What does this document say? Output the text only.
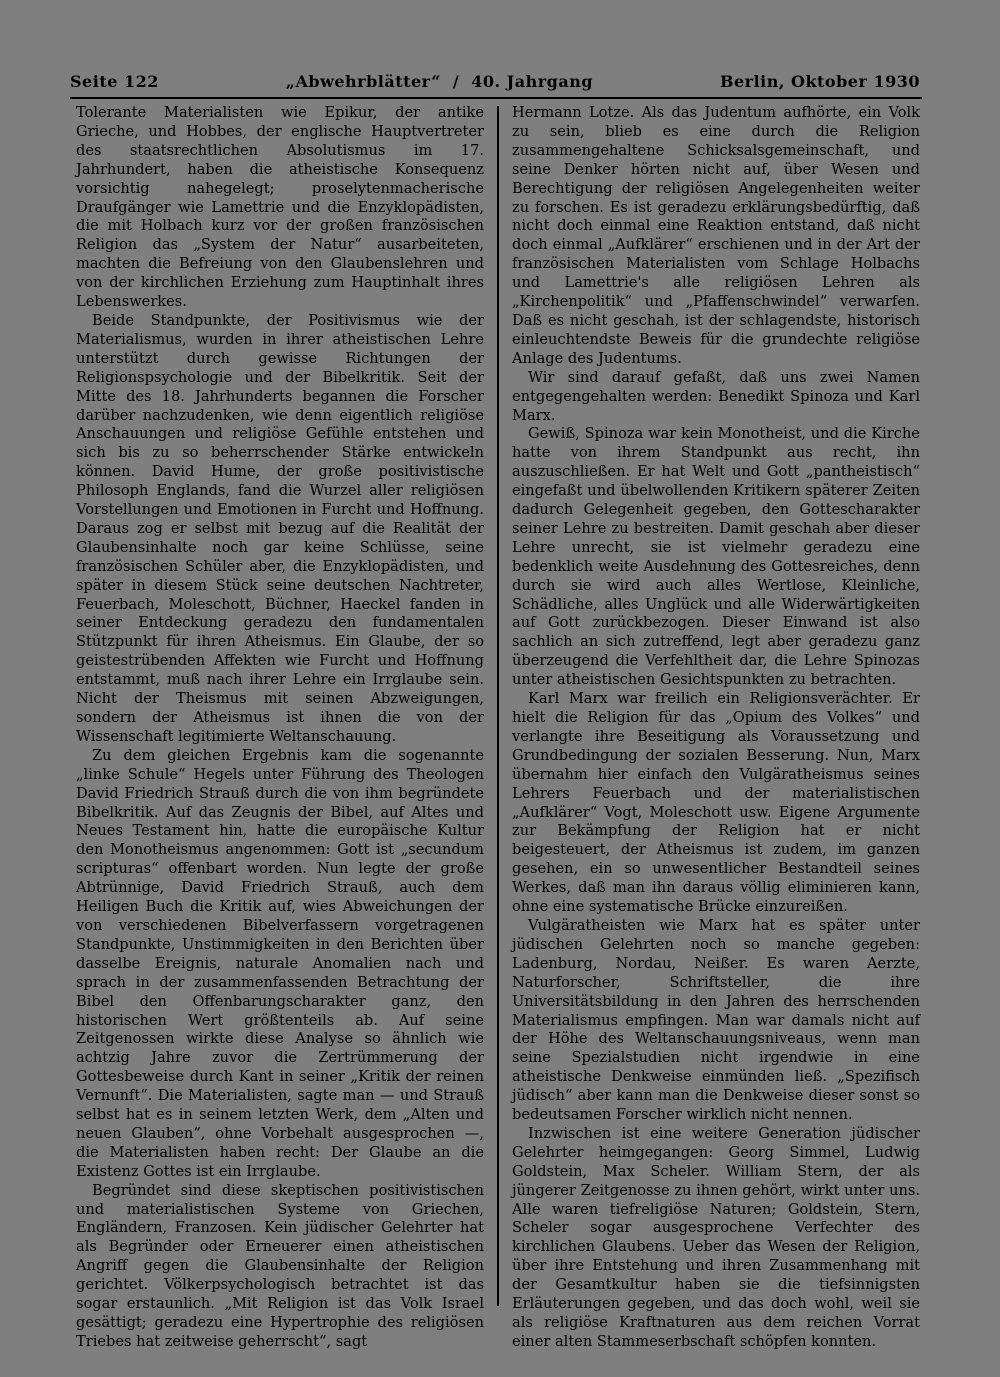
Seite 122	„Abwehrblätter“ / 40. Jahrgang	Berlin, Oktober 1930

Tolerante Materialisten wie Epikur, der antike Grieche, und Hobbes, der englische Hauptvertreter des staatsrechtlichen Absolutismus im 17. Jahrhundert, haben die atheistische Konsequenz vorsichtig nahegelegt; proselytenmacherische Draufgänger wie Lamettrie und die Enzyklopädisten, die mit Holbach kurz vor der großen französischen Religion das „System der Natur“ ausarbeiteten, machten die Befreiung von den Glaubenslehren und von der kirchlichen Erziehung zum Hauptinhalt ihres Lebenswerkes.

Beide Standpunkte, der Positivismus wie der Materialismus, wurden in ihrer atheistischen Lehre unterstützt durch gewisse Richtungen der Religionspsychologie und der Bibelkritik. Seit der Mitte des 18. Jahrhunderts begannen die Forscher darüber nachzudenken, wie denn eigentlich religiöse Anschauungen und religiöse Gefühle entstehen und sich bis zu so beherrschender Stärke entwickeln können. David Hume, der große positivistische Philosoph Englands, fand die Wurzel aller religiösen Vorstellungen und Emotionen in Furcht und Hoffnung. Daraus zog er selbst mit bezug auf die Realität der Glaubensinhalte noch gar keine Schlüsse, seine französischen Schüler aber, die Enzyklopädisten, und später in diesem Stück seine deutschen Nachtreter, Feuerbach, Moleschott, Büchner, Haeckel fanden in seiner Entdeckung geradezu den fundamentalen Stützpunkt für ihren Atheismus. Ein Glaube, der so geistestrübenden Affekten wie Furcht und Hoffnung entstammt, muß nach ihrer Lehre ein Irrglaube sein. Nicht der Theismus mit seinen Abzweigungen, sondern der Atheismus ist ihnen die von der Wissenschaft legitimierte Weltanschauung.

Zu dem gleichen Ergebnis kam die sogenannte „linke Schule“ Hegels unter Führung des Theologen David Friedrich Strauß durch die von ihm begründete Bibelkritik. Auf das Zeugnis der Bibel, auf Altes und Neues Testament hin, hatte die europäische Kultur den Monotheismus angenommen: Gott ist „secundum scripturas“ offenbart worden. Nun legte der große Abtrünnige, David Friedrich Strauß, auch dem Heiligen Buch die Kritik auf, wies Abweichungen der von verschiedenen Bibelverfassern vorgetragenen Standpunkte, Unstimmigkeiten in den Berichten über dasselbe Ereignis, naturale Anomalien nach und sprach in der zusammenfassenden Betrachtung der Bibel den Offenbarungscharakter ganz, den historischen Wert größtenteils ab. Auf seine Zeitgenossen wirkte diese Analyse so ähnlich wie achtzig Jahre zuvor die Zertrümmerung der Gottesbeweise durch Kant in seiner „Kritik der reinen Vernunft“. Die Materialisten, sagte man — und Strauß selbst hat es in seinem letzten Werk, dem „Alten und neuen Glauben“, ohne Vorbehalt ausgesprochen —, die Materialisten haben recht: Der Glaube an die Existenz Gottes ist ein Irrglaube.

Begründet sind diese skeptischen positivistischen und materialistischen Systeme von Griechen, Engländern, Franzosen. Kein jüdischer Gelehrter hat als Begründer oder Erneuerer einen atheistischen Angriff gegen die Glaubensinhalte der Religion gerichtet. Völkerpsychologisch betrachtet ist das sogar erstaunlich. „Mit Religion ist das Volk Israel gesättigt; geradezu eine Hypertrophie des religiösen Triebes hat zeitweise geherrscht“, sagt

Hermann Lotze. Als das Judentum aufhörte, ein Volk zu sein, blieb es eine durch die Religion zusammengehaltene Schicksalsgemeinschaft, und seine Denker hörten nicht auf, über Wesen und Berechtigung der religiösen Angelegenheiten weiter zu forschen. Es ist geradezu erklärungsbedürftig, daß nicht doch einmal eine Reaktion entstand, daß nicht doch einmal „Aufklärer“ erschienen und in der Art der französischen Materialisten vom Schlage Holbachs und Lamettrie's alle religiösen Lehren als „Kirchenpolitik“ und „Pfaffenschwindel“ verwarfen. Daß es nicht geschah, ist der schlagendste, historisch einleuchtendste Beweis für die grundechte religiöse Anlage des Judentums.

Wir sind darauf gefaßt, daß uns zwei Namen entgegengehalten werden: Benedikt Spinoza und Karl Marx.

Gewiß, Spinoza war kein Monotheist, und die Kirche hatte von ihrem Standpunkt aus recht, ihn auszuschließen. Er hat Welt und Gott „pantheistisch“ eingefaßt und übelwollenden Kritikern späterer Zeiten dadurch Gelegenheit gegeben, den Gottescharakter seiner Lehre zu bestreiten. Damit geschah aber dieser Lehre unrecht, sie ist vielmehr geradezu eine bedenklich weite Ausdehnung des Gottesreiches, denn durch sie wird auch alles Wertlose, Kleinliche, Schädliche, alles Unglück und alle Widerwärtigkeiten auf Gott zurückbezogen. Dieser Einwand ist also sachlich an sich zutreffend, legt aber geradezu ganz überzeugend die Verfehltheit dar, die Lehre Spinozas unter atheistischen Gesichtspunkten zu betrachten.

Karl Marx war freilich ein Religionsverächter. Er hielt die Religion für das „Opium des Volkes“ und verlangte ihre Beseitigung als Voraussetzung und Grundbedingung der sozialen Besserung. Nun, Marx übernahm hier einfach den Vulgäratheismus seines Lehrers Feuerbach und der materialistischen „Aufklärer“ Vogt, Moleschott usw. Eigene Argumente zur Bekämpfung der Religion hat er nicht beigesteuert, der Atheismus ist zudem, im ganzen gesehen, ein so unwesentlicher Bestandteil seines Werkes, daß man ihn daraus völlig eliminieren kann, ohne eine systematische Brücke einzureißen.

Vulgäratheisten wie Marx hat es später unter jüdischen Gelehrten noch so manche gegeben: Ladenburg, Nordau, Neißer. Es waren Aerzte, Naturforscher, Schriftsteller, die ihre Universitätsbildung in den Jahren des herrschenden Materialismus empfingen. Man war damals nicht auf der Höhe des Weltanschauungsniveaus, wenn man seine Spezialstudien nicht irgendwie in eine atheistische Denkweise einmünden ließ. „Spezifisch jüdisch“ aber kann man die Denkweise dieser sonst so bedeutsamen Forscher wirklich nicht nennen.

Inzwischen ist eine weitere Generation jüdischer Gelehrter heimgegangen: Georg Simmel, Ludwig Goldstein, Max Scheler. William Stern, der als jüngerer Zeitgenosse zu ihnen gehört, wirkt unter uns. Alle waren tiefreligiöse Naturen; Goldstein, Stern, Scheler sogar ausgesprochene Verfechter des kirchlichen Glaubens. Ueber das Wesen der Religion, über ihre Entstehung und ihren Zusammenhang mit der Gesamtkultur haben sie die tiefsinnigsten Erläuterungen gegeben, und das doch wohl, weil sie als religiöse Kraftnaturen aus dem reichen Vorrat einer alten Stammeserbschaft schöpfen konnten.
